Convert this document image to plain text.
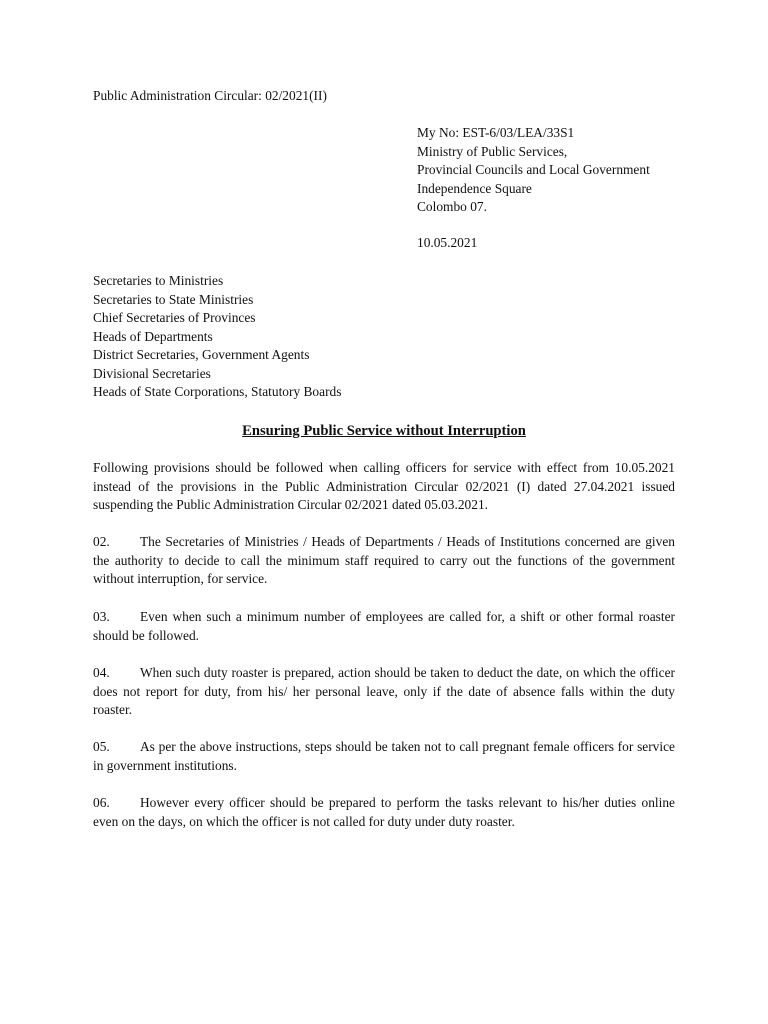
Public Administration Circular: 02/2021(II)
My No: EST-6/03/LEA/33S1
Ministry of Public Services,
Provincial Councils and Local Government
Independence Square
Colombo 07.
10.05.2021
Secretaries to Ministries
Secretaries to State Ministries
Chief Secretaries of Provinces
Heads of Departments
District Secretaries, Government Agents
Divisional Secretaries
Heads of State Corporations, Statutory Boards
Ensuring Public Service without Interruption

Following provisions should be followed when calling officers for service with effect from 10.05.2021 instead of the provisions in the Public Administration Circular 02/2021 (I) dated 27.04.2021 issued suspending the Public Administration Circular 02/2021 dated 05.03.2021.

02. The Secretaries of Ministries / Heads of Departments / Heads of Institutions concerned are given the authority to decide to call the minimum staff required to carry out the functions of the government without interruption, for service.

03. Even when such a minimum number of employees are called for, a shift or other formal roaster should be followed.

04. When such duty roaster is prepared, action should be taken to deduct the date, on which the officer does not report for duty, from his/ her personal leave, only if the date of absence falls within the duty roaster.

05. As per the above instructions, steps should be taken not to call pregnant female officers for service in government institutions.

06. However every officer should be prepared to perform the tasks relevant to his/her duties online even on the days, on which the officer is not called for duty under duty roaster.
